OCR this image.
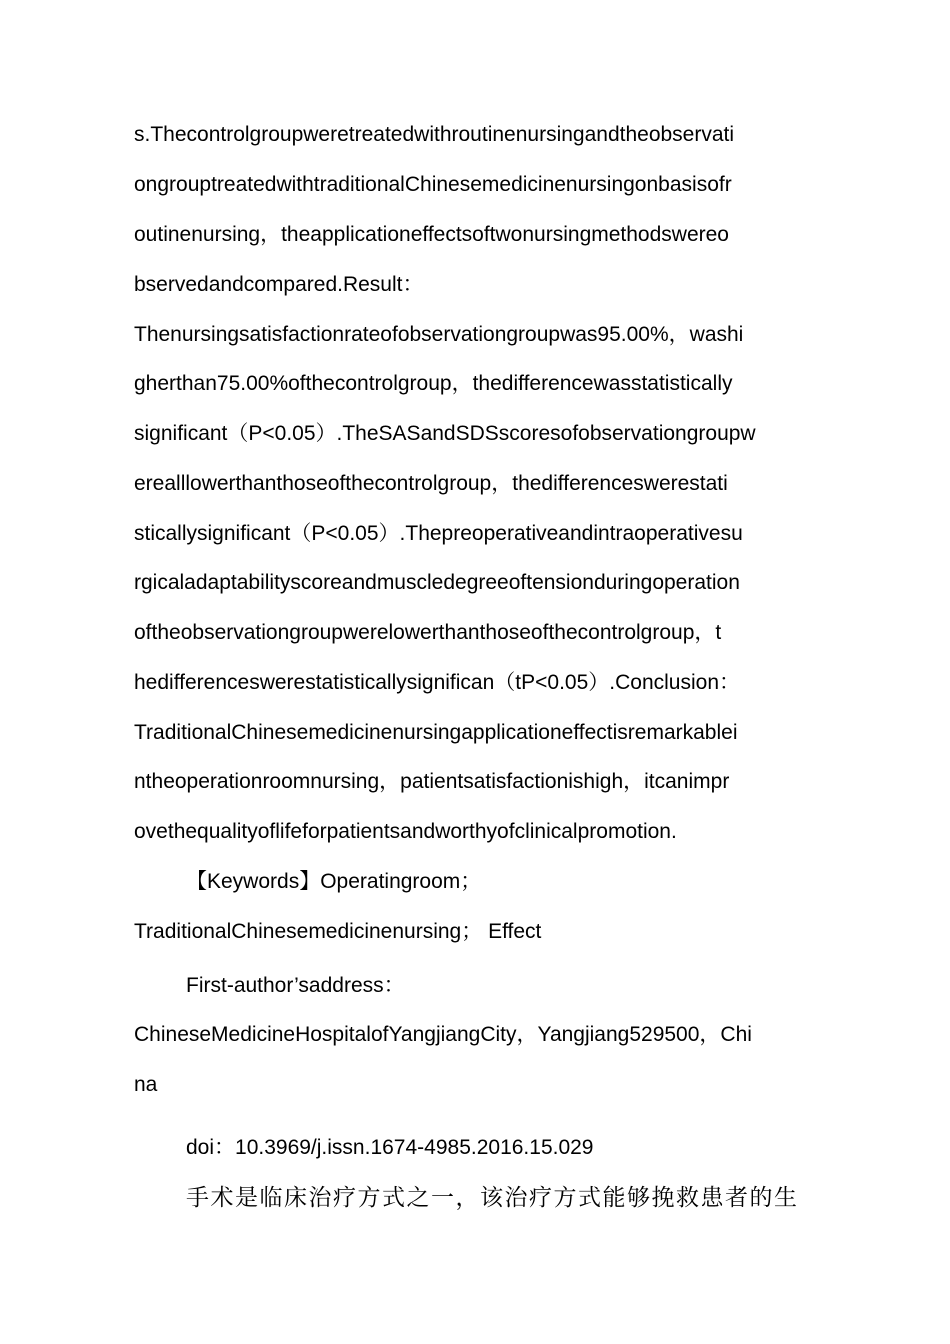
s.Thecontrolgroupweretreatedwithroutinenursingandtheobservati
ongrouptreatedwithtraditionalChinesemedicinenursingonbasisofr
outinenursing，theapplicationeffectsoftwonursingmethodswereo
bservedandcompared.Result：
Thenursingsatisfactionrateofobservationgroupwas95.00%，washi
gherthan75.00%ofthecontrolgroup，thedifferencewasstatistically
significant（P<0.05）.TheSASandSDSscoresofobservationgroupw
erealllowerthanthoseofthecontrolgroup，thedifferenceswerestati
sticallysignificant（P<0.05）.Thepreoperativeandintraoperativesu
rgicaladaptabilityscoreandmuscledegreeoftensionduringoperation
oftheobservationgroupwerelowerthanthoseofthecontrolgroup，t
hedifferenceswerestatisticallysignifican（tP<0.05）.Conclusion：
TraditionalChinesemedicinenursingapplicationeffectisremarkablei
ntheoperationroomnursing，patientsatisfactionishigh，itcanimpr
ovethequalityoflifeforpatientsandworthyofclinicalpromotion.
【Keywords】Operatingroom；
TraditionalChinesemedicinenursing； Effect
First-author’saddress：
ChineseMedicineHospitalofYangjiangCity，Yangjiang529500，Chi
na
doi：10.3969/j.issn.1674-4985.2016.15.029
手术是临床治疗方式之一，该治疗方式能够挽救患者的生
